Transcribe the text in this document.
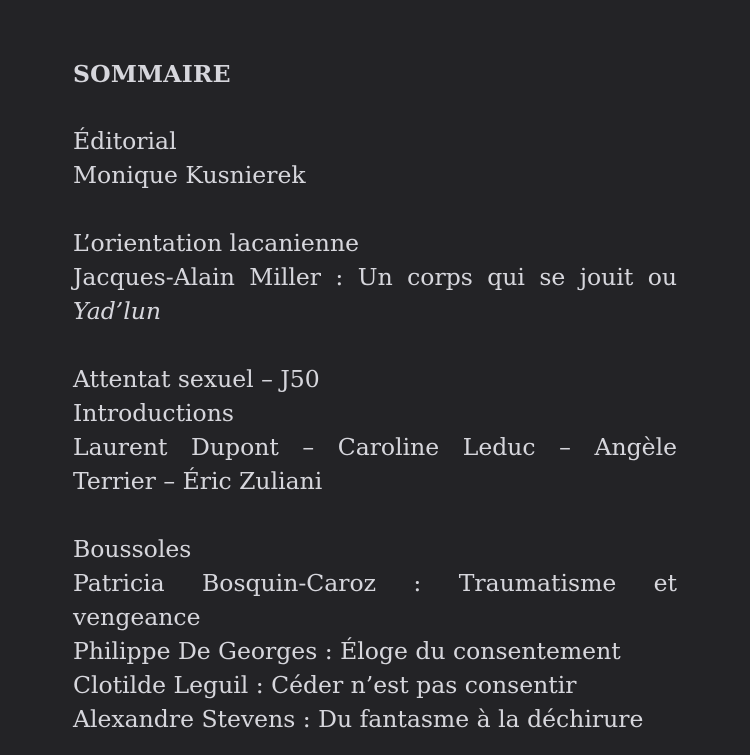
SOMMAIRE
Éditorial
Monique Kusnierek
L’orientation lacanienne
Jacques-Alain Miller : Un corps qui se jouit ou
Yad’lun
Attentat sexuel – J50
Introductions
Laurent Dupont – Caroline Leduc – Angèle
Terrier – Éric Zuliani
Boussoles
Patricia Bosquin-Caroz : Traumatisme et
vengeance
Philippe De Georges : Éloge du consentement
Clotilde Leguil : Céder n’est pas consentir
Alexandre Stevens : Du fantasme à la déchirure
